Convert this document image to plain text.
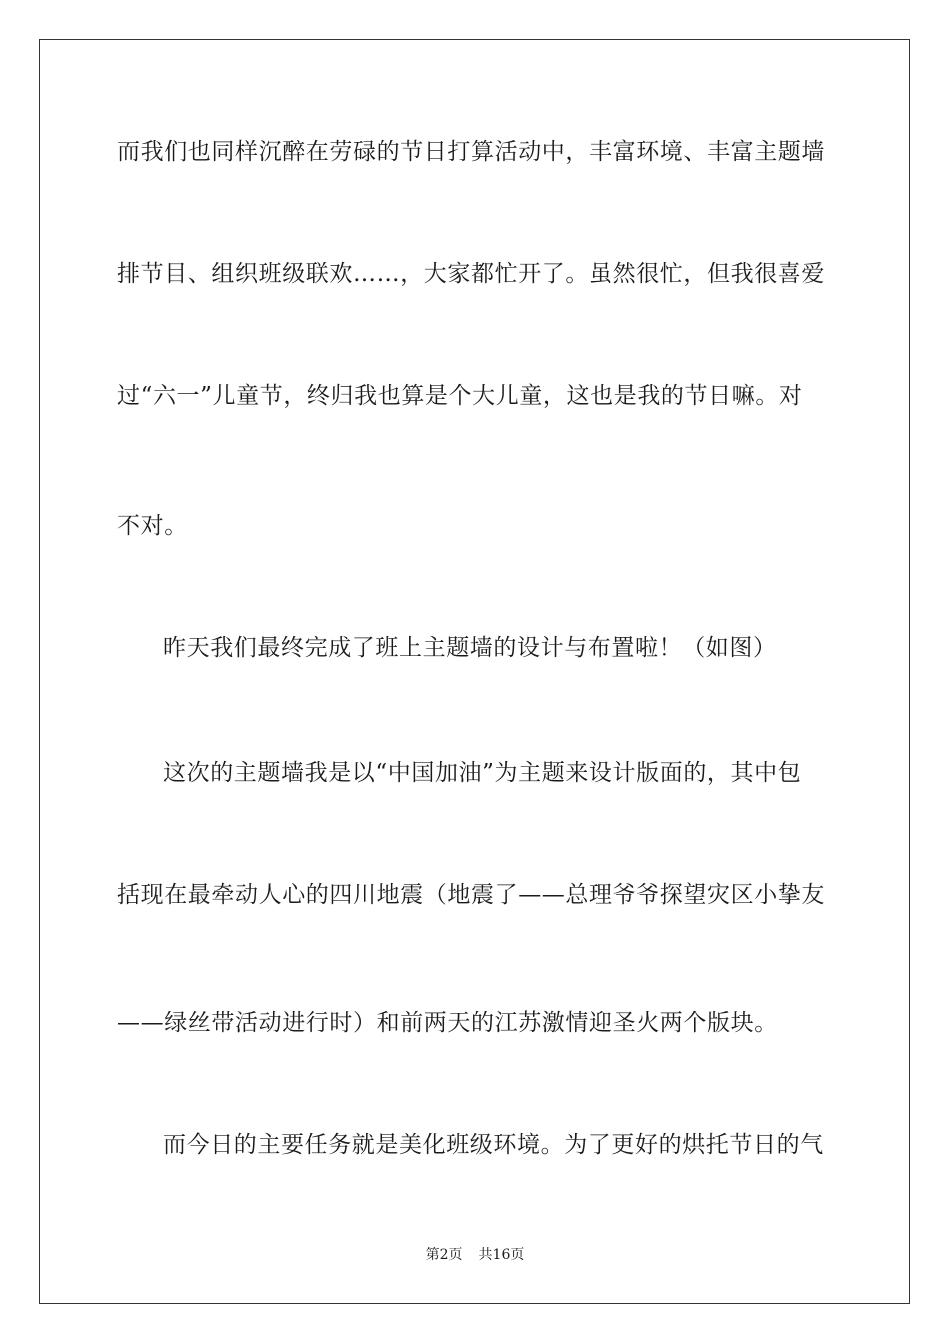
而我们也同样沉醉在劳碌的节日打算活动中，丰富环境、丰富主题墙
排节目、组织班级联欢……，大家都忙开了。虽然很忙，但我很喜爱
过“六一”儿童节，终归我也算是个大儿童，这也是我的节日嘛。对
不对。
昨天我们最终完成了班上主题墙的设计与布置啦！（如图）
这次的主题墙我是以“中国加油”为主题来设计版面的，其中包
括现在最牵动人心的四川地震（地震了——总理爷爷探望灾区小挚友
——绿丝带活动进行时）和前两天的江苏激情迎圣火两个版块。
而今日的主要任务就是美化班级环境。为了更好的烘托节日的气
第2页 共16页
